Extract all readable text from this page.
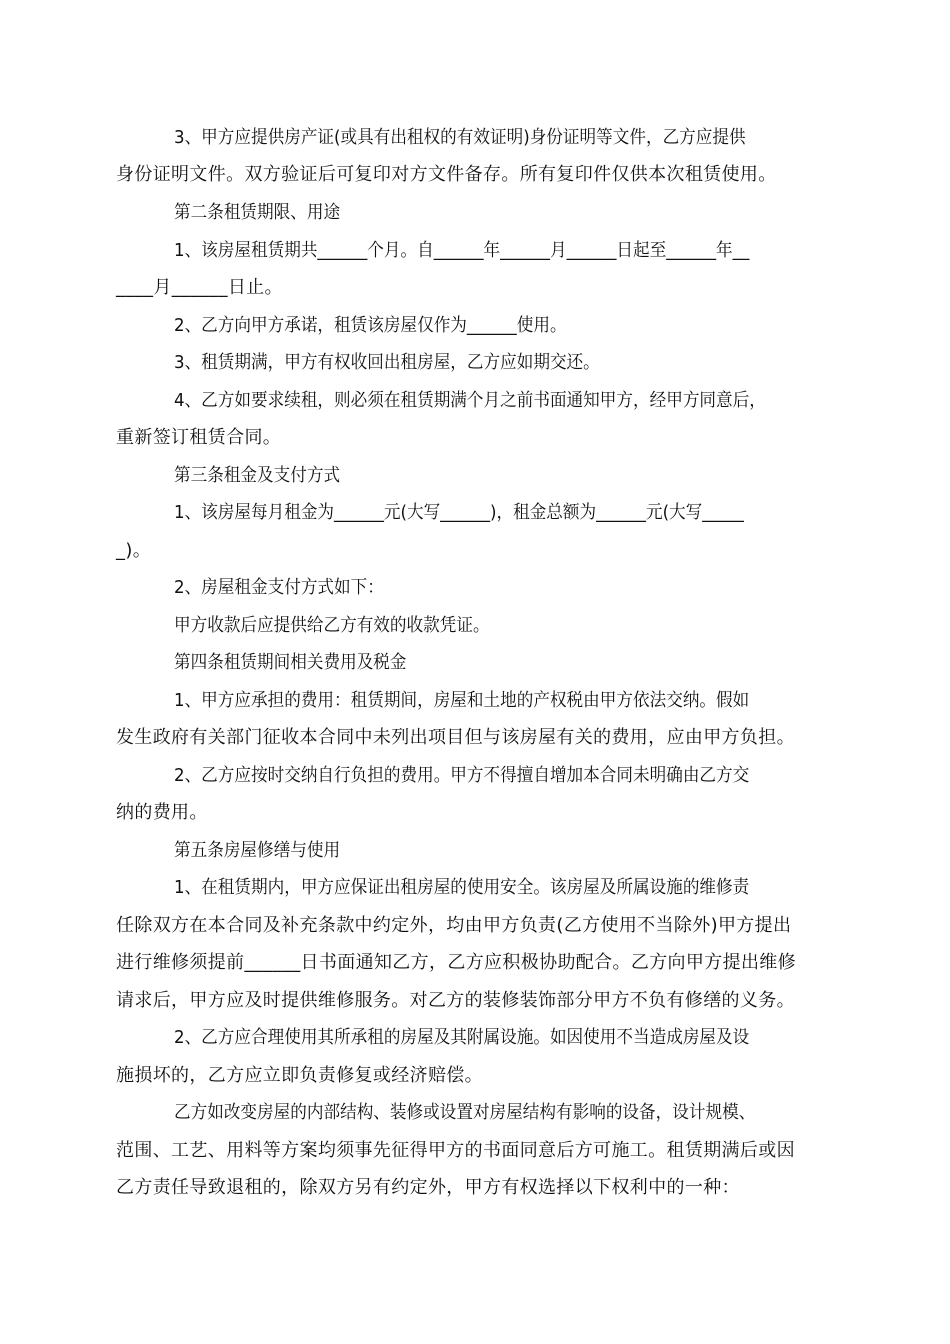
3、甲方应提供房产证(或具有出租权的有效证明)身份证明等文件，乙方应提供
身份证明文件。双方验证后可复印对方文件备存。所有复印件仅供本次租赁使用。
第二条租赁期限、用途
1、该房屋租赁期共______个月。自______年______月______日起至______年__
____月______日止。
2、乙方向甲方承诺，租赁该房屋仅作为______使用。
3、租赁期满，甲方有权收回出租房屋，乙方应如期交还。
4、乙方如要求续租，则必须在租赁期满个月之前书面通知甲方，经甲方同意后，
重新签订租赁合同。
第三条租金及支付方式
1、该房屋每月租金为______元(大写______)，租金总额为______元(大写_____
_)。
2、房屋租金支付方式如下：
甲方收款后应提供给乙方有效的收款凭证。
第四条租赁期间相关费用及税金
1、甲方应承担的费用：租赁期间，房屋和土地的产权税由甲方依法交纳。假如
发生政府有关部门征收本合同中未列出项目但与该房屋有关的费用，应由甲方负担。
2、乙方应按时交纳自行负担的费用。甲方不得擅自增加本合同未明确由乙方交
纳的费用。
第五条房屋修缮与使用
1、在租赁期内，甲方应保证出租房屋的使用安全。该房屋及所属设施的维修责
任除双方在本合同及补充条款中约定外，均由甲方负责(乙方使用不当除外)甲方提出
进行维修须提前______日书面通知乙方，乙方应积极协助配合。乙方向甲方提出维修
请求后，甲方应及时提供维修服务。对乙方的装修装饰部分甲方不负有修缮的义务。
2、乙方应合理使用其所承租的房屋及其附属设施。如因使用不当造成房屋及设
施损坏的，乙方应立即负责修复或经济赔偿。
乙方如改变房屋的内部结构、装修或设置对房屋结构有影响的设备，设计规模、
范围、工艺、用料等方案均须事先征得甲方的书面同意后方可施工。租赁期满后或因
乙方责任导致退租的，除双方另有约定外，甲方有权选择以下权利中的一种：
